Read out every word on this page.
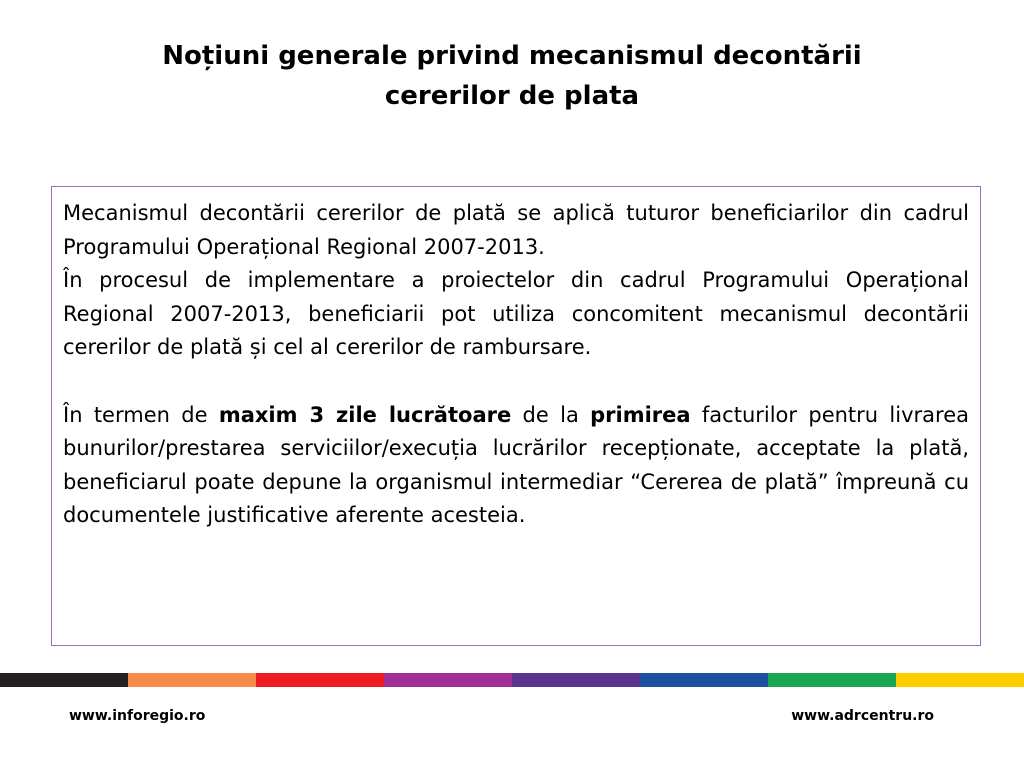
Noțiuni generale privind mecanismul decontării
cererilor de plata

Mecanismul decontării cererilor de plată se aplică tuturor beneficiarilor din cadrul Programului Operațional Regional 2007-2013.

În procesul de implementare a proiectelor din cadrul Programului Operațional Regional 2007-2013, beneficiarii pot utiliza concomitent mecanismul decontării cererilor de plată și cel al cererilor de rambursare.

În termen de maxim 3 zile lucrătoare de la primirea facturilor pentru livrarea bunurilor/prestarea serviciilor/execuția lucrărilor recepționate, acceptate la plată, beneficiarul poate depune la organismul intermediar “Cererea de plată” împreună cu documentele justificative aferente acesteia.

www.inforegio.ro	www.adrcentru.ro
